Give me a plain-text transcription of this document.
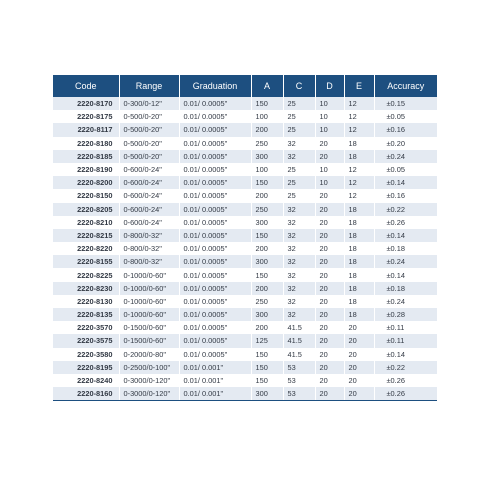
Code	Range	Graduation	A	C	D	E	Accuracy
2220-8170	0-300/0-12"	0.01/ 0.0005"	150	25	10	12	±0.15
2220-8175	0-500/0-20"	0.01/ 0.0005"	100	25	10	12	±0.05
2220-8117	0-500/0-20"	0.01/ 0.0005"	200	25	10	12	±0.16
2220-8180	0-500/0-20"	0.01/ 0.0005"	250	32	20	18	±0.20
2220-8185	0-500/0-20"	0.01/ 0.0005"	300	32	20	18	±0.24
2220-8190	0-600/0-24"	0.01/ 0.0005"	100	25	10	12	±0.05
2220-8200	0-600/0-24"	0.01/ 0.0005"	150	25	10	12	±0.14
2220-8150	0-600/0-24"	0.01/ 0.0005"	200	25	20	12	±0.16
2220-8205	0-600/0-24"	0.01/ 0.0005"	250	32	20	18	±0.22
2220-8210	0-600/0-24"	0.01/ 0.0005"	300	32	20	18	±0.26
2220-8215	0-800/0-32"	0.01/ 0.0005"	150	32	20	18	±0.14
2220-8220	0-800/0-32"	0.01/ 0.0005"	200	32	20	18	±0.18
2220-8155	0-800/0-32"	0.01/ 0.0005"	300	32	20	18	±0.24
2220-8225	0-1000/0-60"	0.01/ 0.0005"	150	32	20	18	±0.14
2220-8230	0-1000/0-60"	0.01/ 0.0005"	200	32	20	18	±0.18
2220-8130	0-1000/0-60"	0.01/ 0.0005"	250	32	20	18	±0.24
2220-8135	0-1000/0-60"	0.01/ 0.0005"	300	32	20	18	±0.28
2220-3570	0-1500/0-60"	0.01/ 0.0005"	200	41.5	20	20	±0.11
2220-3575	0-1500/0-60"	0.01/ 0.0005"	125	41.5	20	20	±0.11
2220-3580	0-2000/0-80"	0.01/ 0.0005"	150	41.5	20	20	±0.14
2220-8195	0-2500/0-100"	0.01/ 0.001"	150	53	20	20	±0.22
2220-8240	0-3000/0-120"	0.01/ 0.001"	150	53	20	20	±0.26
2220-8160	0-3000/0-120"	0.01/ 0.001"	300	53	20	20	±0.26
